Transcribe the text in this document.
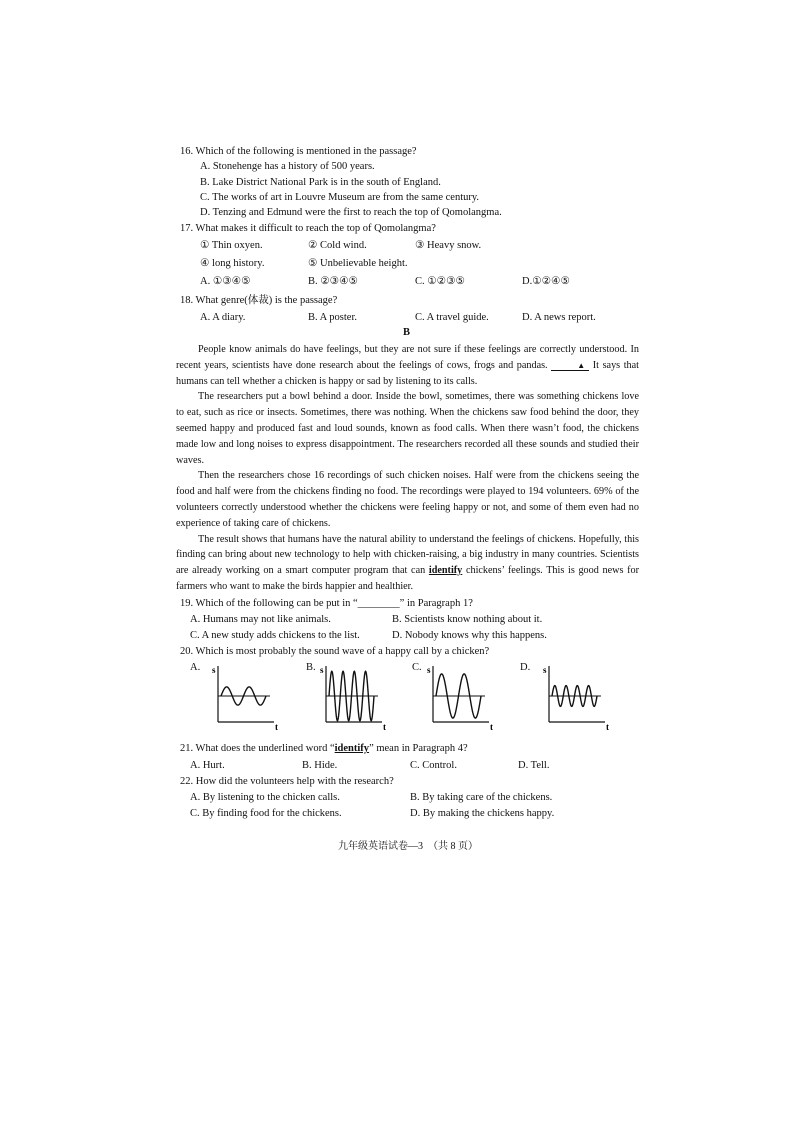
16. Which of the following is mentioned in the passage?
A. Stonehenge has a history of 500 years.
B. Lake District National Park is in the south of England.
C. The works of art in Louvre Museum are from the same century.
D. Tenzing and Edmund were the first to reach the top of Qomolangma.
17. What makes it difficult to reach the top of Qomolangma?
① Thin oxyen.	② Cold wind.	③ Heavy snow.
④ long history.	⑤ Unbelievable height.
A. ①③④⑤	B. ②③④⑤	C. ①②③⑤	D.①②④⑤
18. What genre(体裁) is the passage?
A. A diary.	B. A poster.	C. A travel guide.	D. A news report.
B

People know animals do have feelings, but they are not sure if these feelings are correctly understood. In recent years, scientists have done research about the feelings of cows, frogs and pandas.	▲ It says that humans can tell whether a chicken is happy or sad by listening to its calls.

The researchers put a bowl behind a door. Inside the bowl, sometimes, there was something chickens love to eat, such as rice or insects. Sometimes, there was nothing. When the chickens saw food behind the door, they seemed happy and produced fast and loud sounds, known as food calls. When there wasn’t food, the chickens made low and long noises to express disappointment. The researchers recorded all these sounds and studied their waves.

Then the researchers chose 16 recordings of such chicken noises. Half were from the chickens seeing the food and half were from the chickens finding no food. The recordings were played to 194 volunteers. 69% of the volunteers correctly understood whether the chickens were feeling happy or not, and some of them even had no experience of taking care of chickens.

The result shows that humans have the natural ability to understand the feelings of chickens. Hopefully, this finding can bring about new technology to help with chicken-raising, a big industry in many countries. Scientists are already working on a smart computer program that can identify chickens’ feelings. This is good news for farmers who want to make the birds happier and healthier.

19. Which of the following can be put in “________” in Paragraph 1?
A. Humans may not like animals.	B. Scientists know nothing about it.
C. A new study adds chickens to the list.	D. Nobody knows why this happens.
20. Which is most probably the sound wave of a happy call by a chicken?
A.	B.	C.	D.
s
t
s
t
s
t
s
t
21. What does the underlined word “identify” mean in Paragraph 4?
A. Hurt.	B. Hide.	C. Control.	D. Tell.
22. How did the volunteers help with the research?
A. By listening to the chicken calls.	B. By taking care of the chickens.
C. By finding food for the chickens.	D. By making the chickens happy.
九年级英语试卷—3　（共 8 页）
